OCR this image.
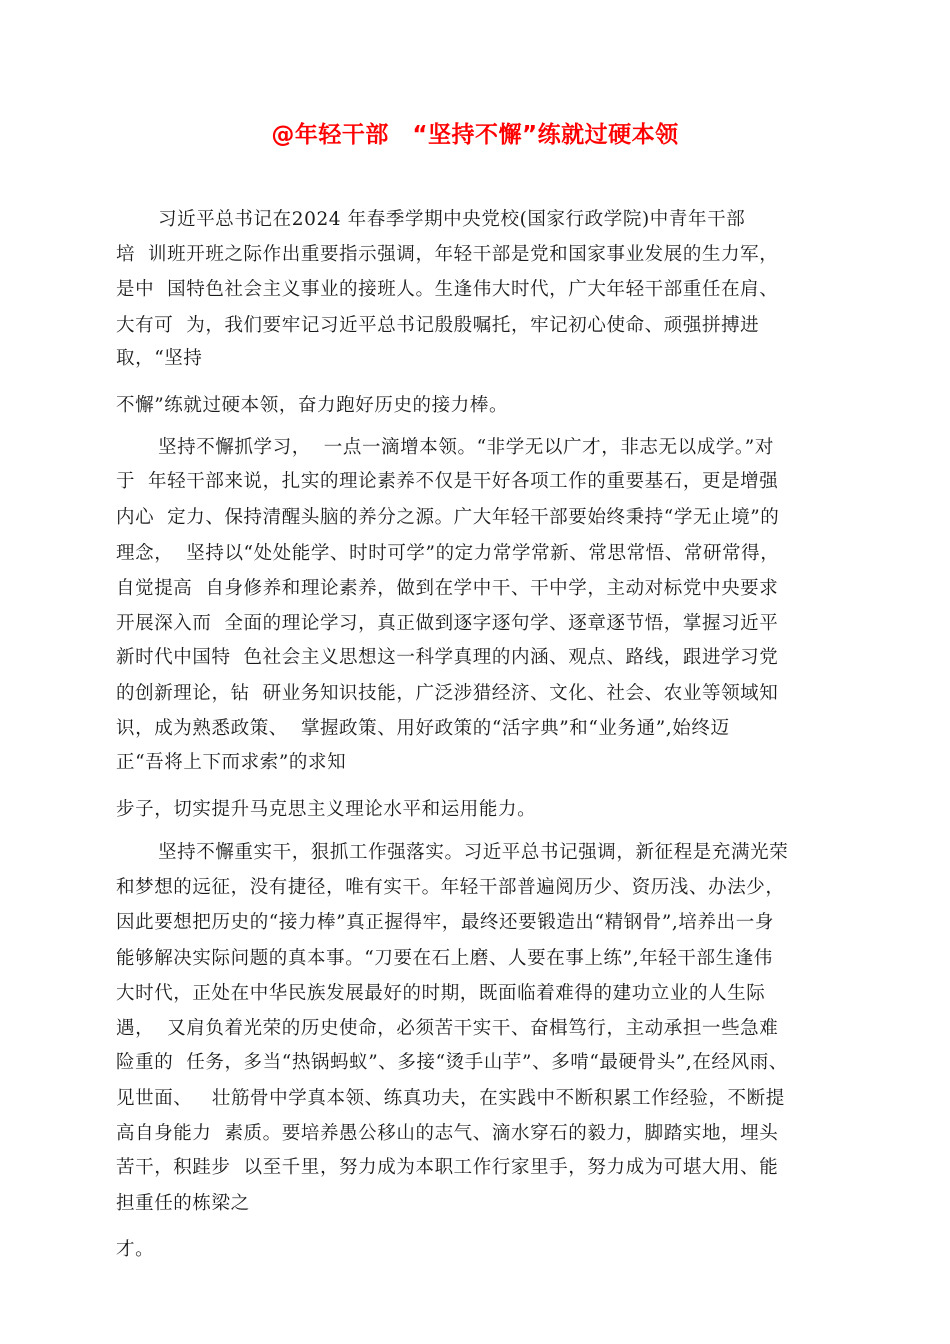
@年轻干部　“坚持不懈”练就过硬本领

习近平总书记在2024 年春季学期中央党校(国家行政学院)中青年干部

培  训班开班之际作出重要指示强调，年轻干部是党和国家事业发展的生力军，

是中  国特色社会主义事业的接班人。生逢伟大时代，广大年轻干部重任在肩、

大有可  为，我们要牢记习近平总书记殷殷嘱托，牢记初心使命、顽强拼搏进

取，“坚持

不懈”练就过硬本领，奋力跑好历史的接力棒。

坚持不懈抓学习，  一点一滴增本领。“非学无以广才，非志无以成学。”对

于  年轻干部来说，扎实的理论素养不仅是干好各项工作的重要基石，更是增强

内心  定力、保持清醒头脑的养分之源。广大年轻干部要始终秉持“学无止境”的

理念，  坚持以“处处能学、时时可学”的定力常学常新、常思常悟、常研常得，

自觉提高  自身修养和理论素养，做到在学中干、干中学，主动对标党中央要求

开展深入而  全面的理论学习，真正做到逐字逐句学、逐章逐节悟，掌握习近平

新时代中国特  色社会主义思想这一科学真理的内涵、观点、路线，跟进学习党

的创新理论，钻  研业务知识技能，广泛涉猎经济、文化、社会、农业等领域知

识，成为熟悉政策、  掌握政策、用好政策的“活字典”和“业务通”,始终迈

正“吾将上下而求索”的求知

步子，切实提升马克思主义理论水平和运用能力。

坚持不懈重实干，狠抓工作强落实。习近平总书记强调，新征程是充满光荣

和梦想的远征，没有捷径，唯有实干。年轻干部普遍阅历少、资历浅、办法少，

因此要想把历史的“接力棒”真正握得牢，最终还要锻造出“精钢骨”,培养出一身

能够解决实际问题的真本事。“刀要在石上磨、人要在事上练”,年轻干部生逢伟

大时代，正处在中华民族发展最好的时期，既面临着难得的建功立业的人生际

遇，  又肩负着光荣的历史使命，必须苦干实干、奋楫笃行，主动承担一些急难

险重的  任务，多当“热锅蚂蚁”、多接“烫手山芋”、多啃“最硬骨头”,在经风雨、

见世面、   壮筋骨中学真本领、练真功夫，在实践中不断积累工作经验，不断提

高自身能力  素质。要培养愚公移山的志气、滴水穿石的毅力，脚踏实地，埋头

苦干，积跬步  以至千里，努力成为本职工作行家里手，努力成为可堪大用、能

担重任的栋梁之

才。
